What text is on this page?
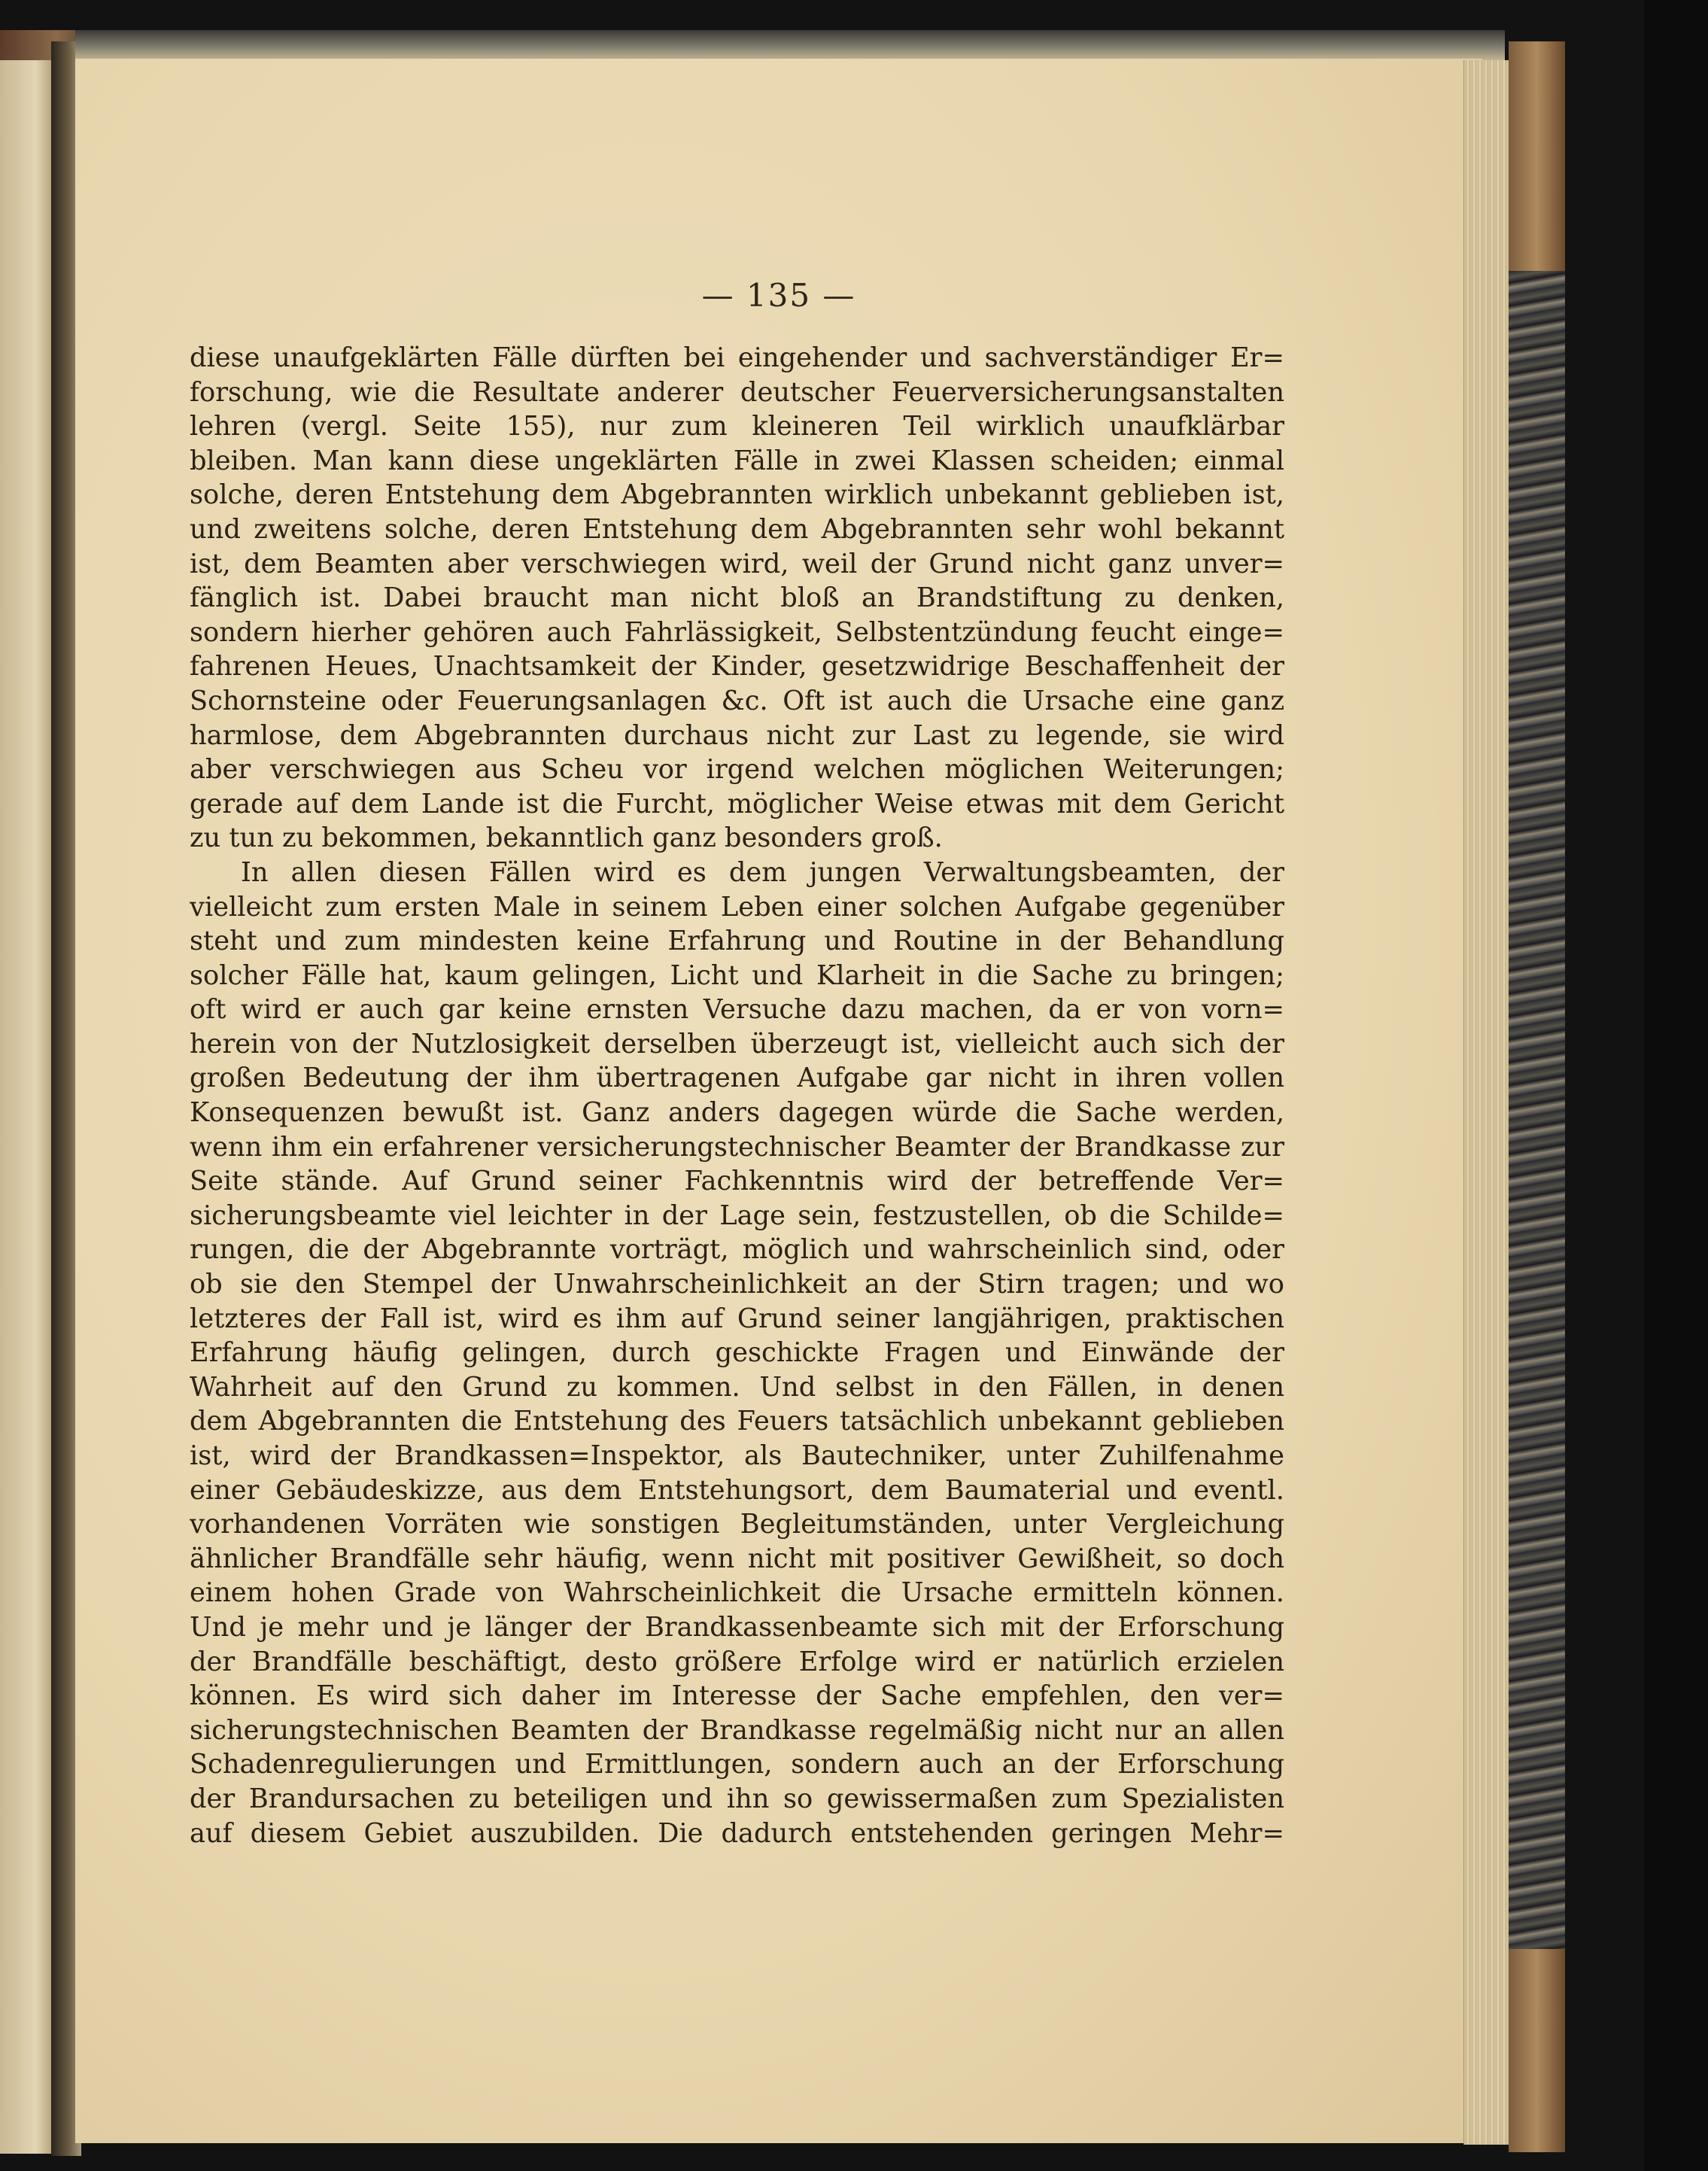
— 135 —
diese unaufgeklärten Fälle dürften bei eingehender und sachverständiger Er=
forschung, wie die Resultate anderer deutscher Feuerversicherungsanstalten
lehren (vergl. Seite 155), nur zum kleineren Teil wirklich unaufklärbar
bleiben. Man kann diese ungeklärten Fälle in zwei Klassen scheiden; einmal
solche, deren Entstehung dem Abgebrannten wirklich unbekannt geblieben ist,
und zweitens solche, deren Entstehung dem Abgebrannten sehr wohl bekannt
ist, dem Beamten aber verschwiegen wird, weil der Grund nicht ganz unver=
fänglich ist. Dabei braucht man nicht bloß an Brandstiftung zu denken,
sondern hierher gehören auch Fahrlässigkeit, Selbstentzündung feucht einge=
fahrenen Heues, Unachtsamkeit der Kinder, gesetzwidrige Beschaffenheit der
Schornsteine oder Feuerungsanlagen &c. Oft ist auch die Ursache eine ganz
harmlose, dem Abgebrannten durchaus nicht zur Last zu legende, sie wird
aber verschwiegen aus Scheu vor irgend welchen möglichen Weiterungen;
gerade auf dem Lande ist die Furcht, möglicher Weise etwas mit dem Gericht
zu tun zu bekommen, bekanntlich ganz besonders groß.
In allen diesen Fällen wird es dem jungen Verwaltungsbeamten, der
vielleicht zum ersten Male in seinem Leben einer solchen Aufgabe gegenüber
steht und zum mindesten keine Erfahrung und Routine in der Behandlung
solcher Fälle hat, kaum gelingen, Licht und Klarheit in die Sache zu bringen;
oft wird er auch gar keine ernsten Versuche dazu machen, da er von vorn=
herein von der Nutzlosigkeit derselben überzeugt ist, vielleicht auch sich der
großen Bedeutung der ihm übertragenen Aufgabe gar nicht in ihren vollen
Konsequenzen bewußt ist. Ganz anders dagegen würde die Sache werden,
wenn ihm ein erfahrener versicherungstechnischer Beamter der Brandkasse zur
Seite stände. Auf Grund seiner Fachkenntnis wird der betreffende Ver=
sicherungsbeamte viel leichter in der Lage sein, festzustellen, ob die Schilde=
rungen, die der Abgebrannte vorträgt, möglich und wahrscheinlich sind, oder
ob sie den Stempel der Unwahrscheinlichkeit an der Stirn tragen; und wo
letzteres der Fall ist, wird es ihm auf Grund seiner langjährigen, praktischen
Erfahrung häufig gelingen, durch geschickte Fragen und Einwände der
Wahrheit auf den Grund zu kommen. Und selbst in den Fällen, in denen
dem Abgebrannten die Entstehung des Feuers tatsächlich unbekannt geblieben
ist, wird der Brandkassen=Inspektor, als Bautechniker, unter Zuhilfenahme
einer Gebäudeskizze, aus dem Entstehungsort, dem Baumaterial und eventl.
vorhandenen Vorräten wie sonstigen Begleitumständen, unter Vergleichung
ähnlicher Brandfälle sehr häufig, wenn nicht mit positiver Gewißheit, so doch
einem hohen Grade von Wahrscheinlichkeit die Ursache ermitteln können.
Und je mehr und je länger der Brandkassenbeamte sich mit der Erforschung
der Brandfälle beschäftigt, desto größere Erfolge wird er natürlich erzielen
können. Es wird sich daher im Interesse der Sache empfehlen, den ver=
sicherungstechnischen Beamten der Brandkasse regelmäßig nicht nur an allen
Schadenregulierungen und Ermittlungen, sondern auch an der Erforschung
der Brandursachen zu beteiligen und ihn so gewissermaßen zum Spezialisten
auf diesem Gebiet auszubilden. Die dadurch entstehenden geringen Mehr=
